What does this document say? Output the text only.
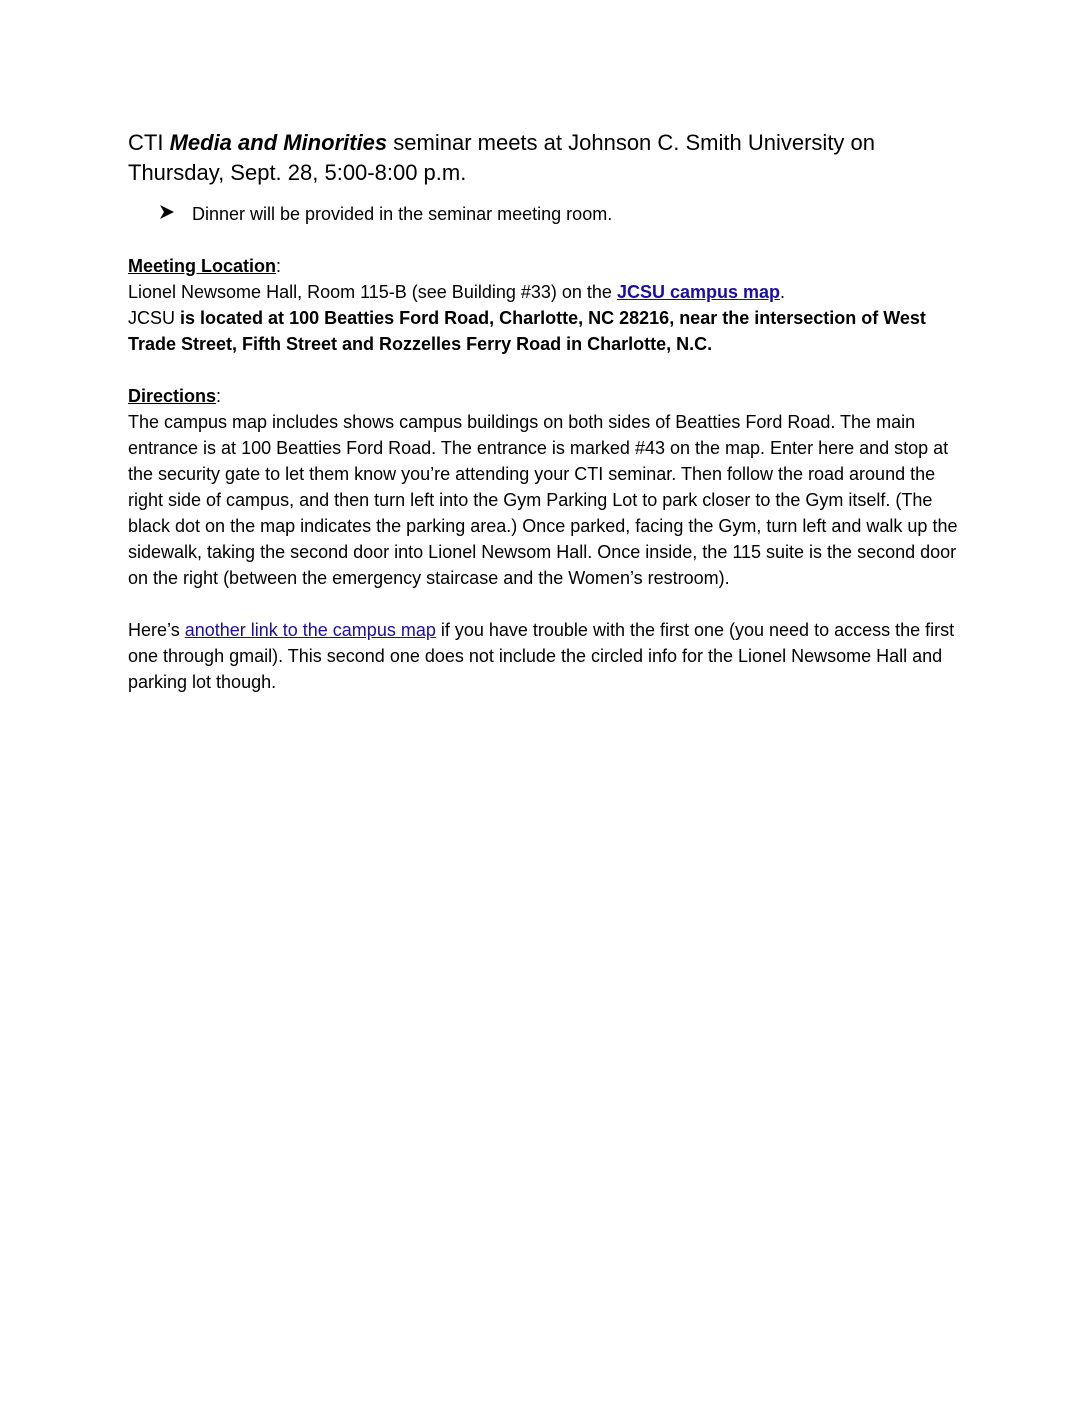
CTI Media and Minorities seminar meets at Johnson C. Smith University on Thursday, Sept. 28, 5:00-8:00 p.m.
Dinner will be provided in the seminar meeting room.

Meeting Location:

Lionel Newsome Hall, Room 115-B (see Building #33) on the JCSU campus map.

JCSU is located at 100 Beatties Ford Road, Charlotte, NC 28216, near the intersection of West Trade Street, Fifth Street and Rozzelles Ferry Road in Charlotte, N.C.

Directions:

The campus map includes shows campus buildings on both sides of Beatties Ford Road. The main entrance is at 100 Beatties Ford Road. The entrance is marked #43 on the map. Enter here and stop at the security gate to let them know you’re attending your CTI seminar. Then follow the road around the right side of campus, and then turn left into the Gym Parking Lot to park closer to the Gym itself. (The black dot on the map indicates the parking area.) Once parked, facing the Gym, turn left and walk up the sidewalk, taking the second door into Lionel Newsom Hall. Once inside, the 115 suite is the second door on the right (between the emergency staircase and the Women’s restroom).

Here’s another link to the campus map if you have trouble with the first one (you need to access the first one through gmail). This second one does not include the circled info for the Lionel Newsome Hall and parking lot though.
